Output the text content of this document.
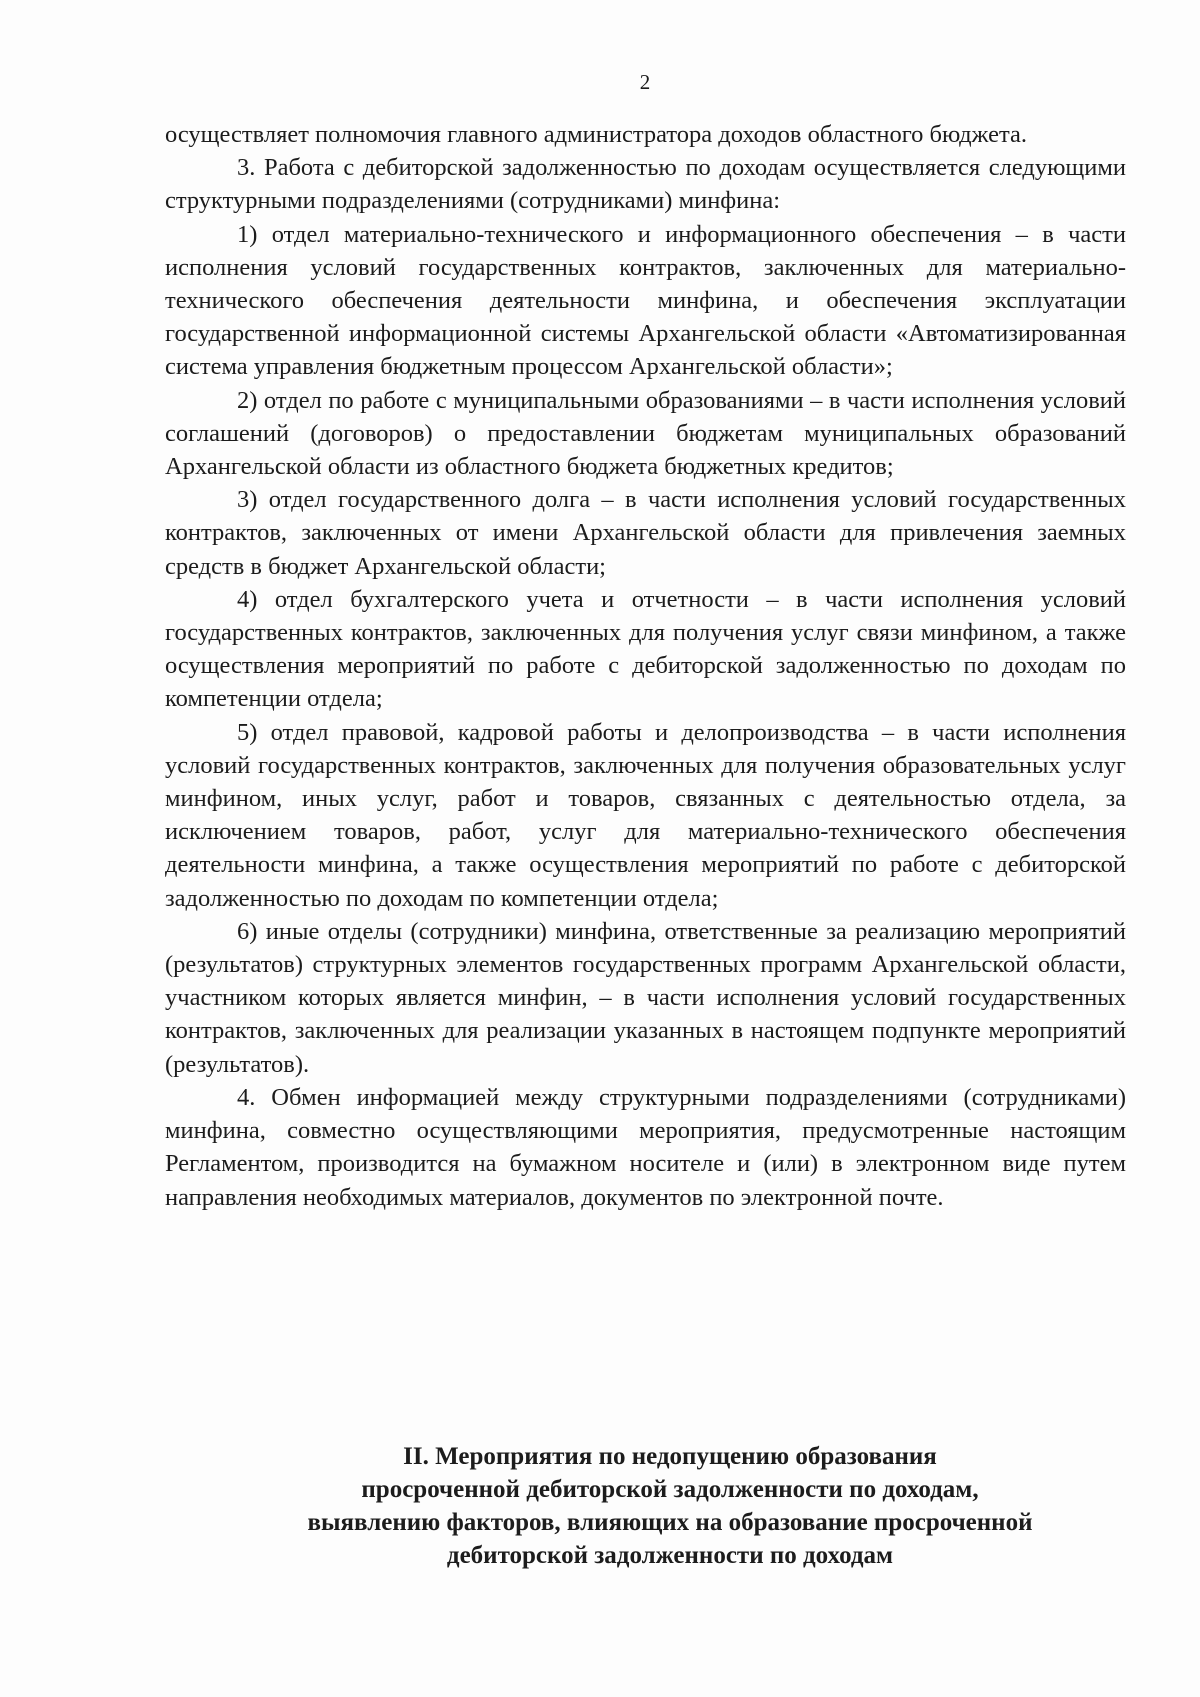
2

осуществляет полномочия главного администратора доходов областного бюджета.

3. Работа с дебиторской задолженностью по доходам осуществляется следующими структурными подразделениями (сотрудниками) минфина:

1) отдел материально-технического и информационного обеспечения – в части исполнения условий государственных контрактов, заключенных для материально-технического обеспечения деятельности минфина, и обеспечения эксплуатации государственной информационной системы Архангельской области «Автоматизированная система управления бюджетным процессом Архангельской области»;

2) отдел по работе с муниципальными образованиями – в части исполнения условий соглашений (договоров) о предоставлении бюджетам муниципальных образований Архангельской области из областного бюджета бюджетных кредитов;

3) отдел государственного долга – в части исполнения условий государственных контрактов, заключенных от имени Архангельской области для привлечения заемных средств в бюджет Архангельской области;

4) отдел бухгалтерского учета и отчетности – в части исполнения условий государственных контрактов, заключенных для получения услуг связи минфином, а также осуществления мероприятий по работе с дебиторской задолженностью по доходам по компетенции отдела;

5) отдел правовой, кадровой работы и делопроизводства – в части исполнения условий государственных контрактов, заключенных для получения образовательных услуг минфином, иных услуг, работ и товаров, связанных с деятельностью отдела, за исключением товаров, работ, услуг для материально-технического обеспечения деятельности минфина, а также осуществления мероприятий по работе с дебиторской задолженностью по доходам по компетенции отдела;

6) иные отделы (сотрудники) минфина, ответственные за реализацию мероприятий (результатов) структурных элементов государственных программ Архангельской области, участником которых является минфин, – в части исполнения условий государственных контрактов, заключенных для реализации указанных в настоящем подпункте мероприятий (результатов).

4. Обмен информацией между структурными подразделениями (сотрудниками) минфина, совместно осуществляющими мероприятия, предусмотренные настоящим Регламентом, производится на бумажном носителе и (или) в электронном виде путем направления необходимых материалов, документов по электронной почте.

II. Мероприятия по недопущению образования
просроченной дебиторской задолженности по доходам,
выявлению факторов, влияющих на образование просроченной
дебиторской задолженности по доходам
